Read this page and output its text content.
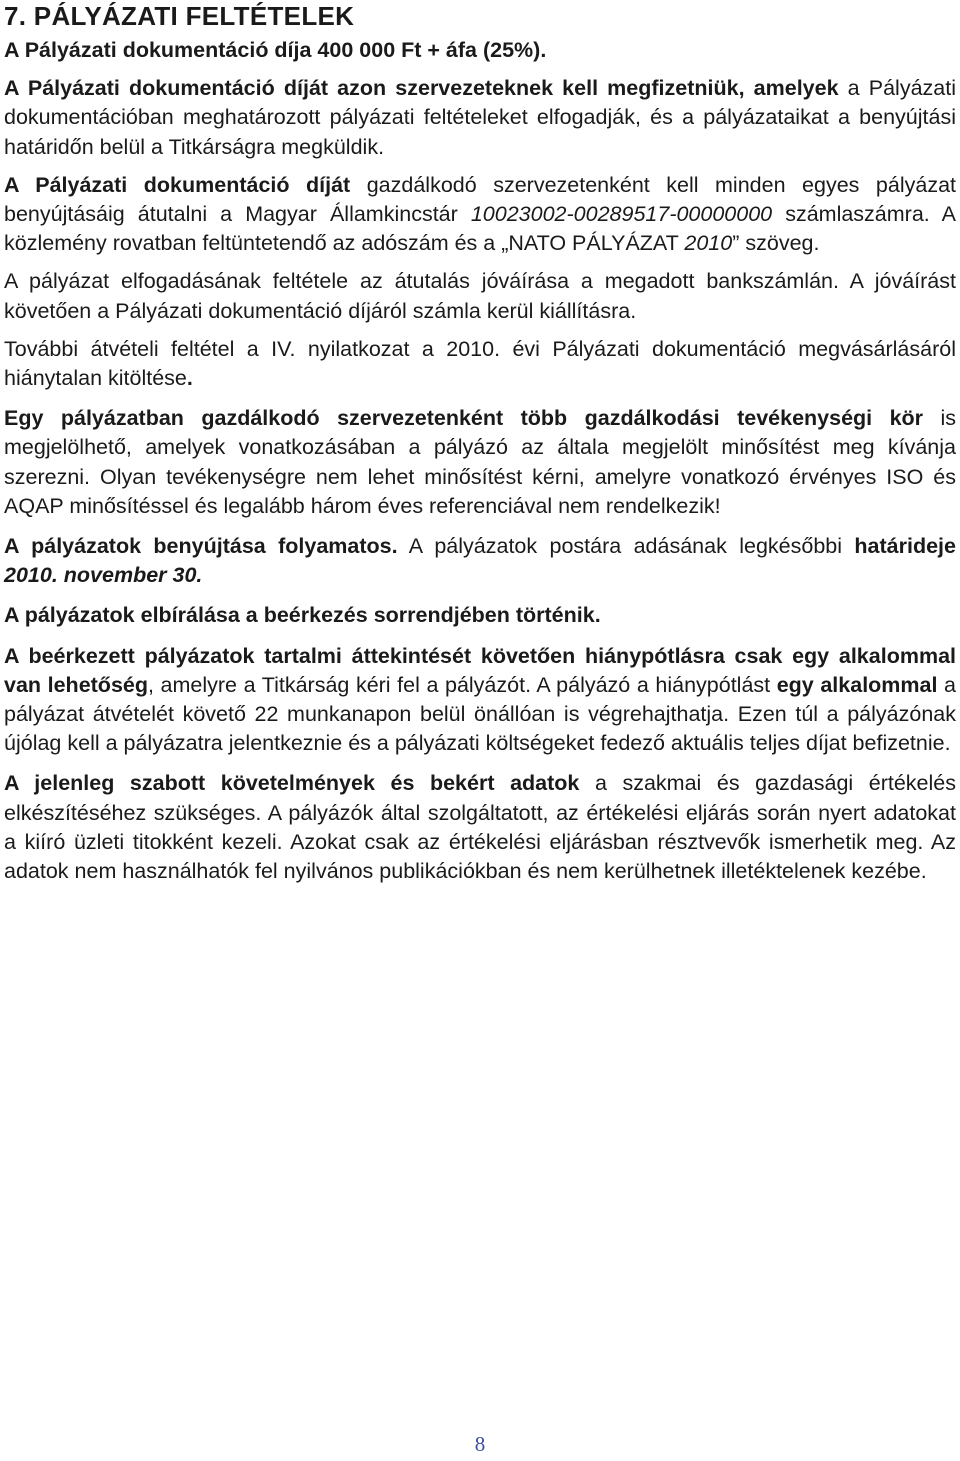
7. PÁLYÁZATI FELTÉTELEK

A Pályázati dokumentáció díja 400 000 Ft + áfa (25%).

A Pályázati dokumentáció díját azon szervezeteknek kell megfizetniük, amelyek a Pályázati dokumentációban meghatározott pályázati feltételeket elfogadják, és a pályázataikat a benyújtási határidőn belül a Titkárságra megküldik.

A Pályázati dokumentáció díját gazdálkodó szervezetenként kell minden egyes pályázat benyújtásáig átutalni a Magyar Államkincstár 10023002-00289517-00000000 számlaszámra. A közlemény rovatban feltüntetendő az adószám és a „NATO PÁLYÁZAT 2010” szöveg.

A pályázat elfogadásának feltétele az átutalás jóváírása a megadott bankszámlán. A jóváírást követően a Pályázati dokumentáció díjáról számla kerül kiállításra.

További átvételi feltétel a IV. nyilatkozat a 2010. évi Pályázati dokumentáció megvásárlásáról hiánytalan kitöltése.

Egy pályázatban gazdálkodó szervezetenként több gazdálkodási tevékenységi kör is megjelölhető, amelyek vonatkozásában a pályázó az általa megjelölt minősítést meg kívánja szerezni. Olyan tevékenységre nem lehet minősítést kérni, amelyre vonatkozó érvényes ISO és AQAP minősítéssel és legalább három éves referenciával nem rendelkezik!

A pályázatok benyújtása folyamatos. A pályázatok postára adásának legkésőbbi határideje 2010. november 30.

A pályázatok elbírálása a beérkezés sorrendjében történik.

A beérkezett pályázatok tartalmi áttekintését követően hiánypótlásra csak egy alkalommal van lehetőség, amelyre a Titkárság kéri fel a pályázót. A pályázó a hiánypótlást egy alkalommal a pályázat átvételét követő 22 munkanapon belül önállóan is végrehajthatja. Ezen túl a pályázónak újólag kell a pályázatra jelentkeznie és a pályázati költségeket fedező aktuális teljes díjat befizetnie.

A jelenleg szabott követelmények és bekért adatok a szakmai és gazdasági értékelés elkészítéséhez szükséges. A pályázók által szolgáltatott, az értékelési eljárás során nyert adatokat a kiíró üzleti titokként kezeli. Azokat csak az értékelési eljárásban résztvevők ismerhetik meg. Az adatok nem használhatók fel nyilvános publikációkban és nem kerülhetnek illetéktelenek kezébe.

8
